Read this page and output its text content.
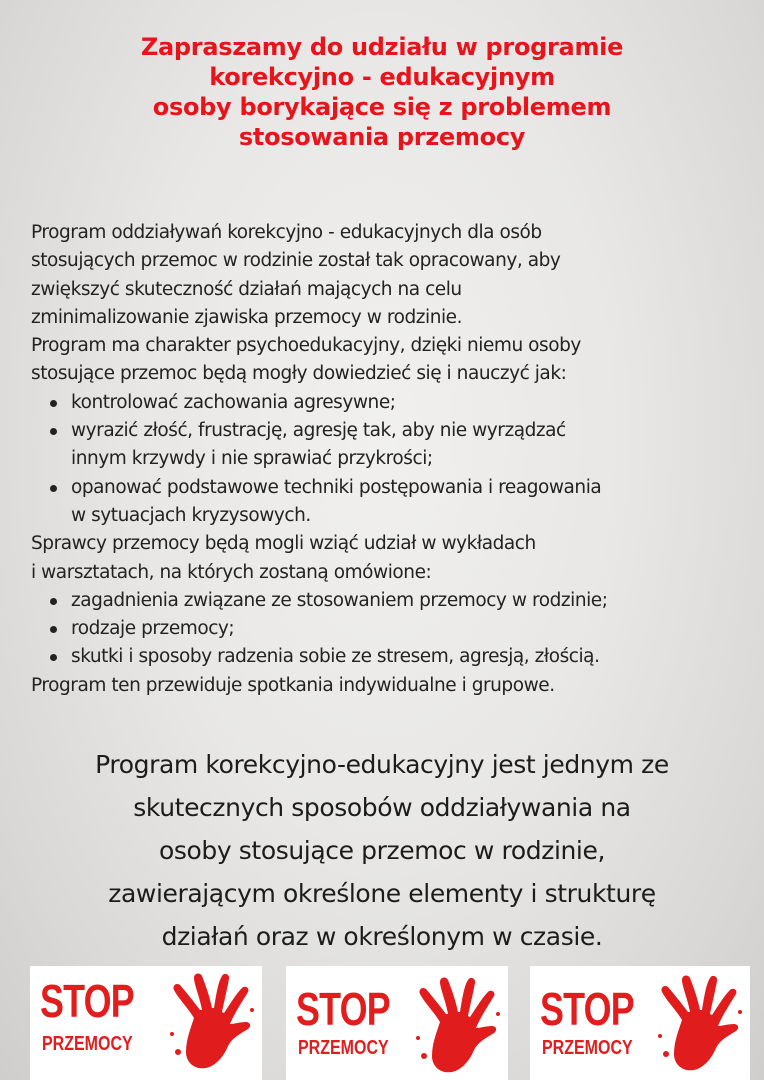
Zapraszamy do udziału w programie
korekcyjno - edukacyjnym
osoby borykające się z problemem
stosowania przemocy

Program oddziaływań korekcyjno - edukacyjnych dla osób

stosujących przemoc w rodzinie został tak opracowany, aby

zwiększyć skuteczność działań mających na celu

zminimalizowanie zjawiska przemocy w rodzinie.

Program ma charakter psychoedukacyjny, dzięki niemu osoby

stosujące przemoc będą mogły dowiedzieć się i nauczyć jak:

kontrolować zachowania agresywne;
wyrazić złość, frustrację, agresję tak, aby nie wyrządzać
innym krzywdy i nie sprawiać przykrości;
opanować podstawowe techniki postępowania i reagowania
w sytuacjach kryzysowych.

Sprawcy przemocy będą mogli wziąć udział w wykładach

i warsztatach, na których zostaną omówione:

zagadnienia związane ze stosowaniem przemocy w rodzinie;
rodzaje przemocy;
skutki i sposoby radzenia sobie ze stresem, agresją, złością.

Program ten przewiduje spotkania indywidualne i grupowe.

Program korekcyjno-edukacyjny jest jednym ze
skutecznych sposobów oddziaływania na
osoby stosujące przemoc w rodzinie,
zawierającym określone elementy i strukturę
działań oraz w określonym w czasie.
STOP
PRZEMOCY
STOP
PRZEMOCY
STOP
PRZEMOCY
